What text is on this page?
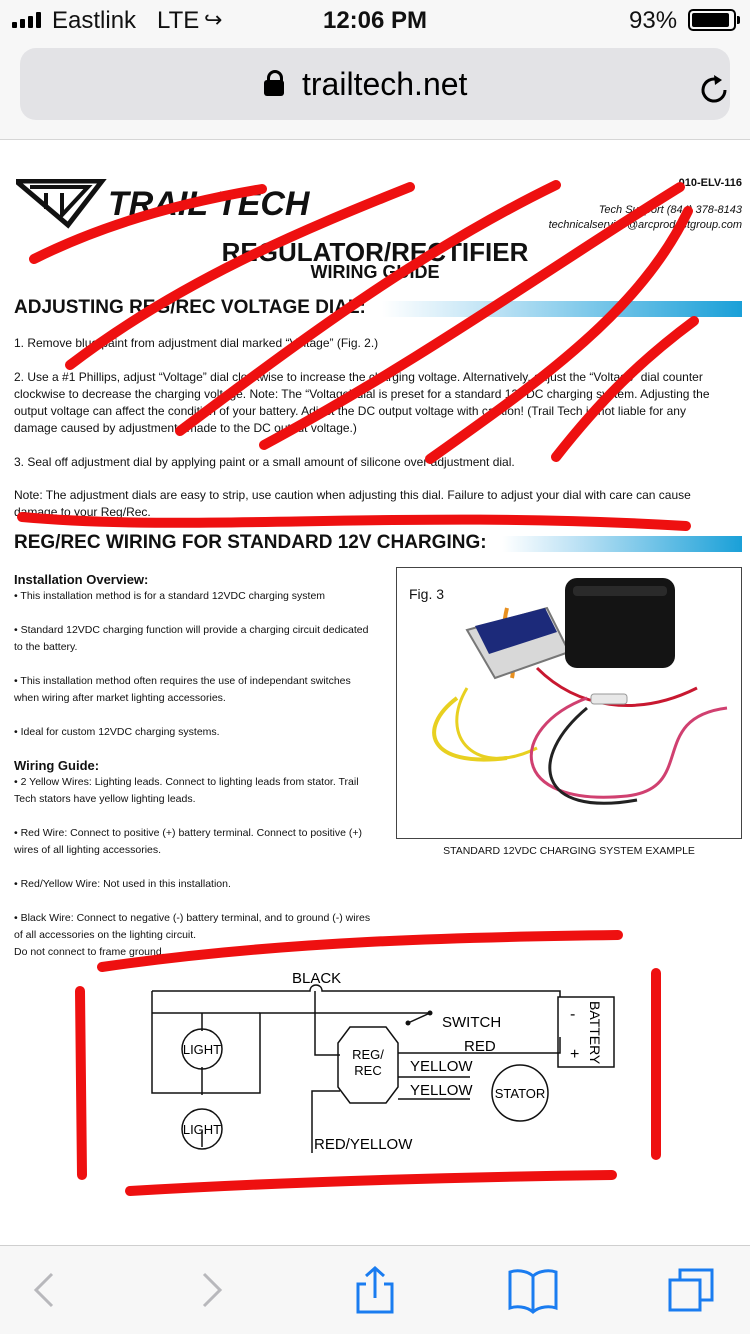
Eastlink LTE ↪	12:06 PM	93%
trailtech.net
TRAIL TECH
010-ELV-116
Tech Support (844) 378-8143
technicalservice@arcproductgroup.com
REGULATOR/RECTIFIER
WIRING GUIDE
ADJUSTING REG/REC VOLTAGE DIAL:
1. Remove blue paint from adjustment dial marked “Voltage” (Fig. 2.)
2. Use a #1 Phillips, adjust “Voltage” dial clockwise to increase the charging voltage. Alternatively, adjust the “Voltage” dial counter clockwise to decrease the charging voltage. Note: The “Voltage” dial is preset for a standard 12VDC charging system. Adjusting the output voltage can affect the condition of your battery. Adjust the DC output voltage with caution! (Trail Tech is not liable for any damage caused by adjustments made to the DC output voltage.)
3. Seal off adjustment dial by applying paint or a small amount of silicone over adjustment dial.
Note: The adjustment dials are easy to strip, use caution when adjusting this dial. Failure to adjust your dial with care can cause damage to your Reg/Rec.
REG/REC WIRING FOR STANDARD 12V CHARGING:
Installation Overview:
• This installation method is for a standard 12VDC charging system
• Standard 12VDC charging function will provide a charging circuit dedicated to the battery.
• This installation method often requires the use of independant switches when wiring after market lighting accessories.
• Ideal for custom 12VDC charging systems.
Wiring Guide:
• 2 Yellow Wires: Lighting leads. Connect to lighting leads from stator. Trail Tech stators have yellow lighting leads.
• Red Wire: Connect to positive (+) battery terminal. Connect to positive (+) wires of all lighting accessories.
• Red/Yellow Wire: Not used in this installation.
• Black Wire: Connect to negative (-) battery terminal, and to ground (-) wires of all accessories on the lighting circuit.
Do not connect to frame ground.
Fig. 3
STANDARD 12VDC CHARGING SYSTEM EXAMPLE
BLACK
SWITCH
RED
-
+ BATTERY
LIGHT
LIGHT
REG/
REC YELLOW
YELLOW STATOR
RED/YELLOW
